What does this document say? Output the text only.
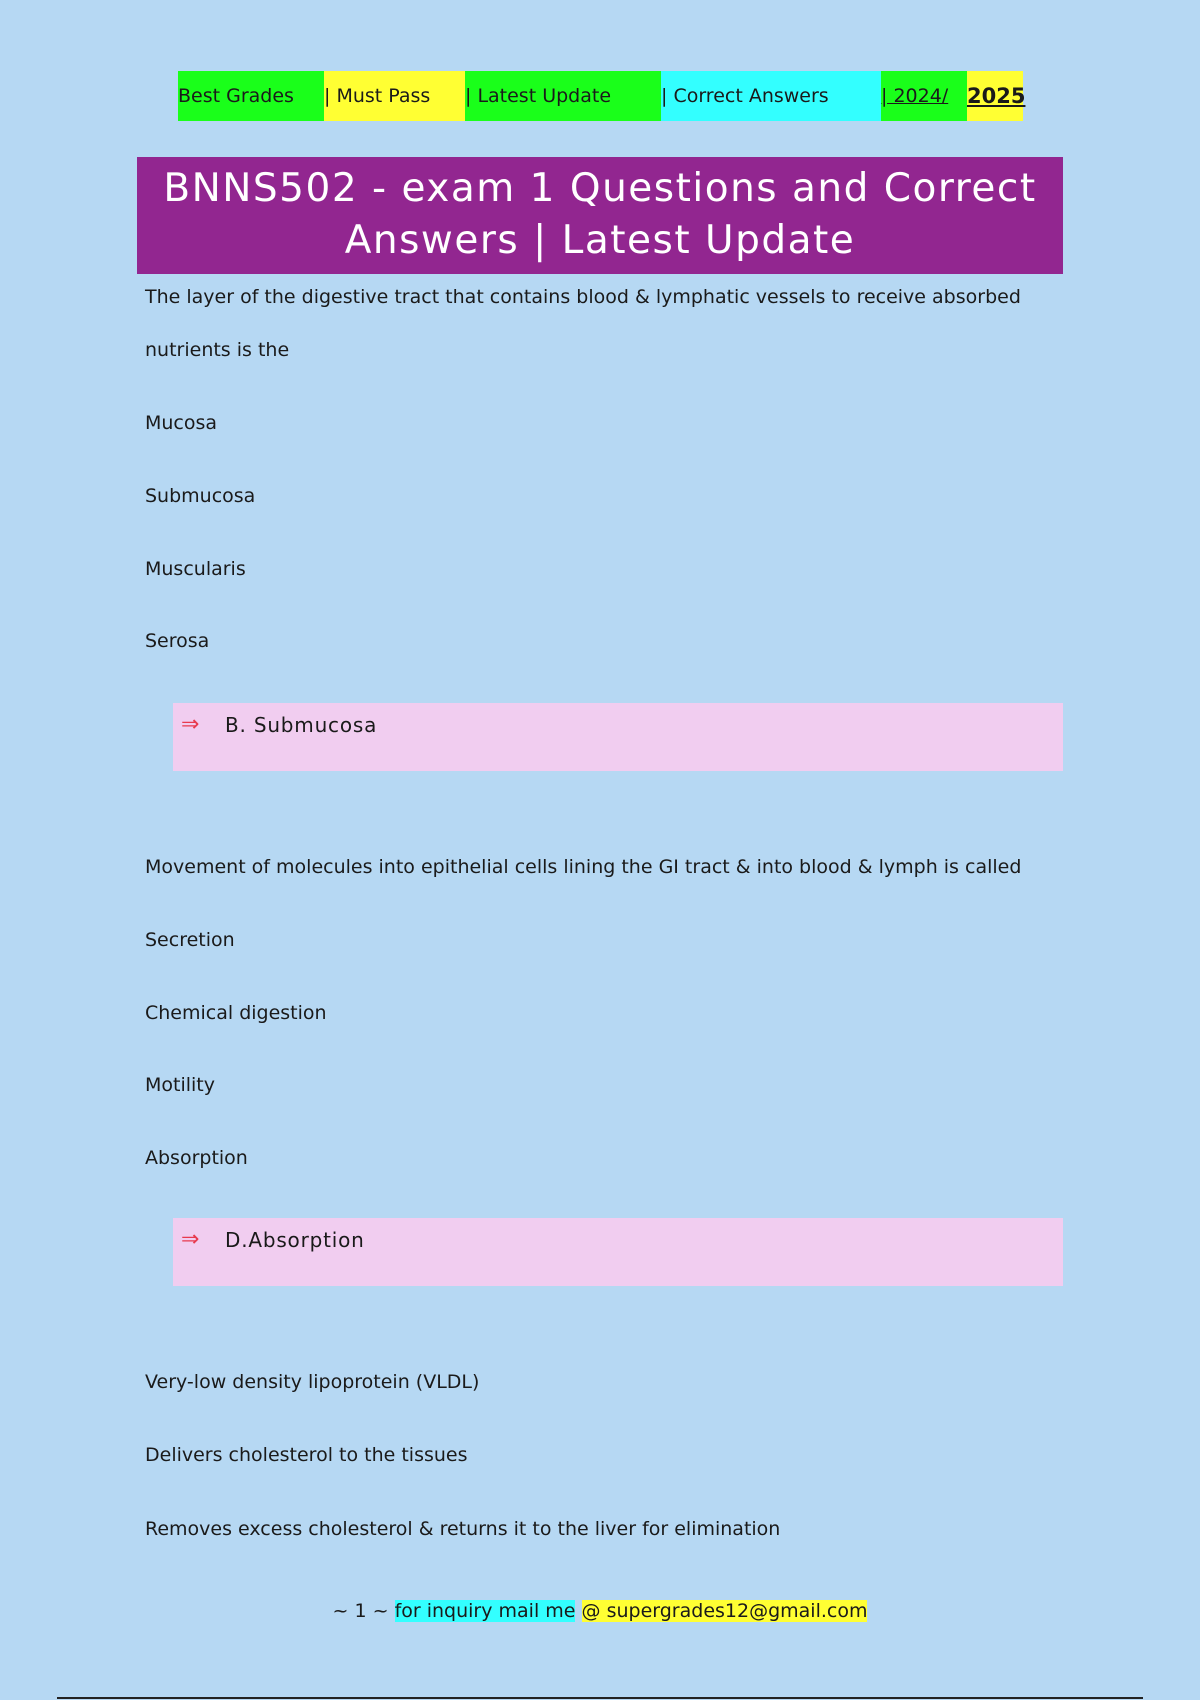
Best Grades	| Must Pass	| Latest Update	| Correct Answers	| 2024/ 2025
BNNS502 - exam 1 Questions and Correct Answers | Latest Update
The layer of the digestive tract that contains blood & lymphatic vessels to receive absorbed
nutrients is the
Mucosa
Submucosa
Muscularis
Serosa
⇒ B. Submucosa
Movement of molecules into epithelial cells lining the GI tract & into blood & lymph is called
Secretion
Chemical digestion
Motility
Absorption
⇒ D.Absorption
Very-low density lipoprotein (VLDL)
Delivers cholesterol to the tissues
Removes excess cholesterol & returns it to the liver for elimination
~ 1 ~ for inquiry mail me @ supergrades12@gmail.com
